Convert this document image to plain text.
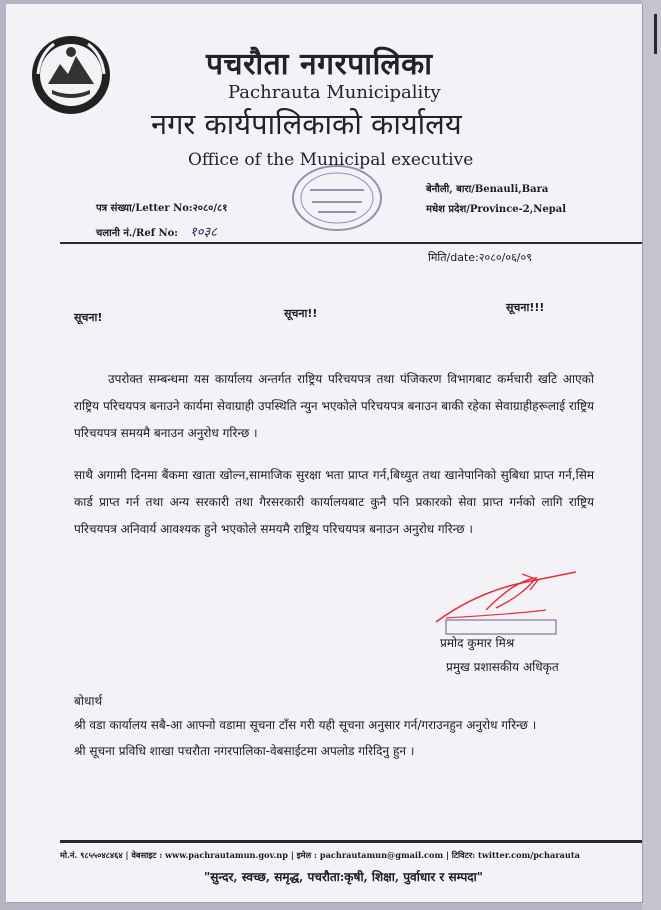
पचरौता नगरपालिका
Pachrauta Municipality
नगर कार्यपालिकाको कार्यालय
Office of the Municipal executive
बेनौली, बारा/Benauli,Bara
मधेश प्रदेश/Province-2,Nepal
पत्र संख्या/Letter No:२०८०/८१
चलानी नं./Ref No: १०३८
मिति/date:२०८०/०६/०९
सूचना!	सूचना!!	सूचना!!!
उपरोक्त सम्बन्धमा यस कार्यालय अन्तर्गत राष्ट्रिय परिचयपत्र तथा पंजिकरण विभागबाट कर्मचारी खटि आएको राष्ट्रिय परिचयपत्र बनाउने कार्यमा सेवाग्राही उपस्थिति न्युन भएकोले परिचयपत्र बनाउन बाकी रहेका सेवाग्राहीहरूलाई राष्ट्रिय परिचयपत्र समयमै बनाउन अनुरोध गरिन्छ ।
साथै अगामी दिनमा बैंकमा खाता खोल्न,सामाजिक सुरक्षा भता प्राप्त गर्न,बिध्युत तथा खानेपानिको सुबिधा प्राप्त गर्न,सिम कार्ड प्राप्त गर्न तथा अन्य सरकारी तथा गैरसरकारी कार्यालयबाट कुनै पनि प्रकारको सेवा प्राप्त गर्नको लागि राष्ट्रिय परिचयपत्र अनिवार्य आवश्यक हुने भएकोले समयमै राष्ट्रिय परिचयपत्र बनाउन अनुरोध गरिन्छ ।
प्रमोद कुमार मिश्र
प्रमुख प्रशासकीय अधिकृत
बोधार्थ
श्री वडा कार्यालय सबै-आ आफ्नो वडामा सूचना टाँस गरी यही सूचना अनुसार गर्न/गराउनहुन अनुरोध गरिन्छ ।
श्री सूचना प्रविधि शाखा पचरौता नगरपालिका-वेबसाईटमा अपलोड गरिदिनु हुन ।
मो.नं. ९८५५०४८४६४ | वेबसाइट : www.pachrautamun.gov.np | इमेल : pachrautamun@gmail.com | टिविटर: twitter.com/pcharauta
"सुन्दर, स्वच्छ, समृद्ध, पचरौता:कृषी, शिक्षा, पुर्वाधार र सम्पदा"
